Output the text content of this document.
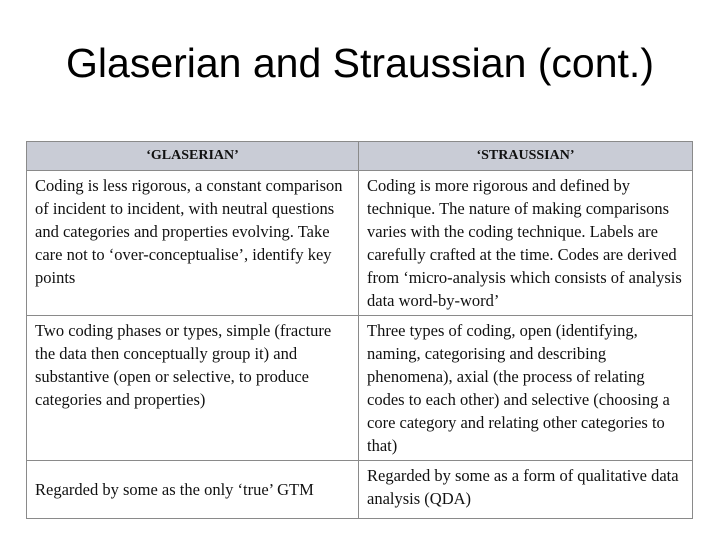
Glaserian and Straussian (cont.)
‘GLASERIAN’	‘STRAUSSIAN’
Coding is less rigorous, a constant comparison of incident to incident, with neutral questions and categories and properties evolving. Take care not to ‘over-conceptualise’, identify key points	Coding is more rigorous and defined by technique. The nature of making comparisons varies with the coding technique. Labels are carefully crafted at the time. Codes are derived from ‘micro-analysis which consists of analysis data word-by-word’
Two coding phases or types, simple (fracture the data then conceptually group it) and substantive (open or selective, to produce categories and properties)	Three types of coding, open (identifying, naming, categorising and describing phenomena), axial (the process of relating codes to each other) and selective (choosing a core category and relating other categories to that)
Regarded by some as the only ‘true’ GTM	Regarded by some as a form of qualitative data analysis (QDA)
